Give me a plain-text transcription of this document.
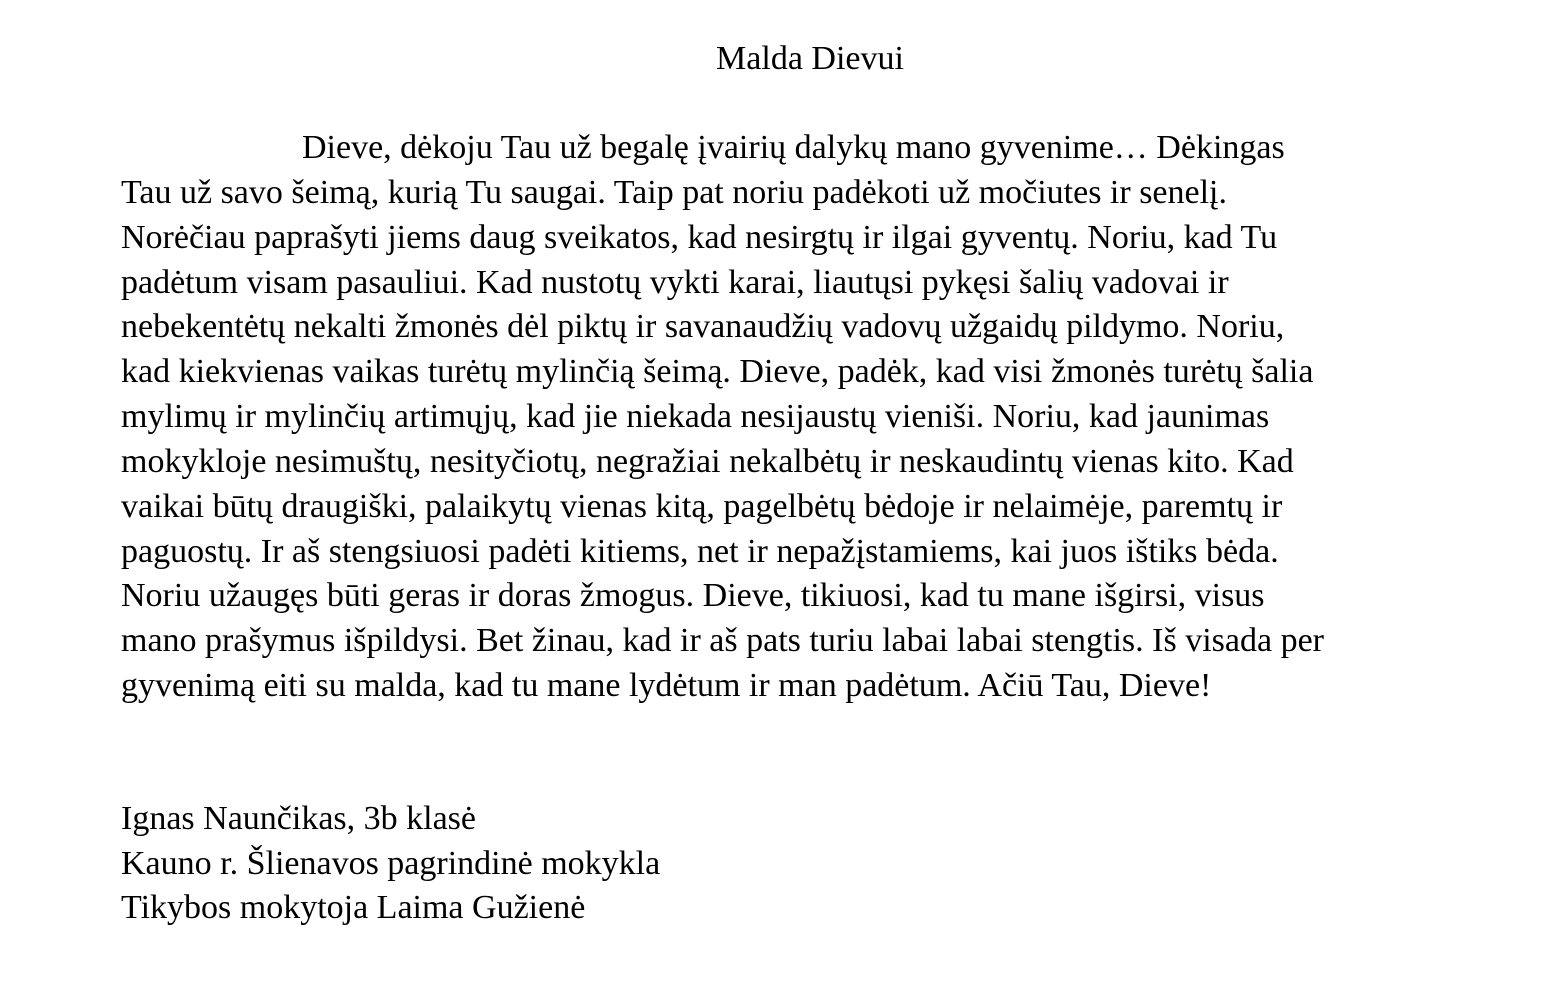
Malda Dievui
Dieve, dėkoju Tau už begalę įvairių dalykų mano gyvenime… Dėkingas
Tau už savo šeimą, kurią Tu saugai. Taip pat noriu padėkoti už močiutes ir senelį.
Norėčiau paprašyti jiems daug sveikatos, kad nesirgtų ir ilgai gyventų. Noriu, kad Tu
padėtum visam pasauliui. Kad nustotų vykti karai, liautųsi pykęsi šalių vadovai ir
nebekentėtų nekalti žmonės dėl piktų ir savanaudžių vadovų užgaidų pildymo. Noriu,
kad kiekvienas vaikas turėtų mylinčią šeimą. Dieve, padėk, kad visi žmonės turėtų šalia
mylimų ir mylinčių artimųjų, kad jie niekada nesijaustų vieniši. Noriu, kad jaunimas
mokykloje nesimuštų, nesityčiotų, negražiai nekalbėtų ir neskaudintų vienas kito. Kad
vaikai būtų draugiški, palaikytų vienas kitą, pagelbėtų bėdoje ir nelaimėje, paremtų ir
paguostų. Ir aš stengsiuosi padėti kitiems, net ir nepažįstamiems, kai juos ištiks bėda.
Noriu užaugęs būti geras ir doras žmogus. Dieve, tikiuosi, kad tu mane išgirsi, visus
mano prašymus išpildysi. Bet žinau, kad ir aš pats turiu labai labai stengtis. Iš visada per
gyvenimą eiti su malda, kad tu mane lydėtum ir man padėtum. Ačiū Tau, Dieve!
Ignas Naunčikas, 3b klasė
Kauno r. Šlienavos pagrindinė mokykla
Tikybos mokytoja Laima Gužienė
